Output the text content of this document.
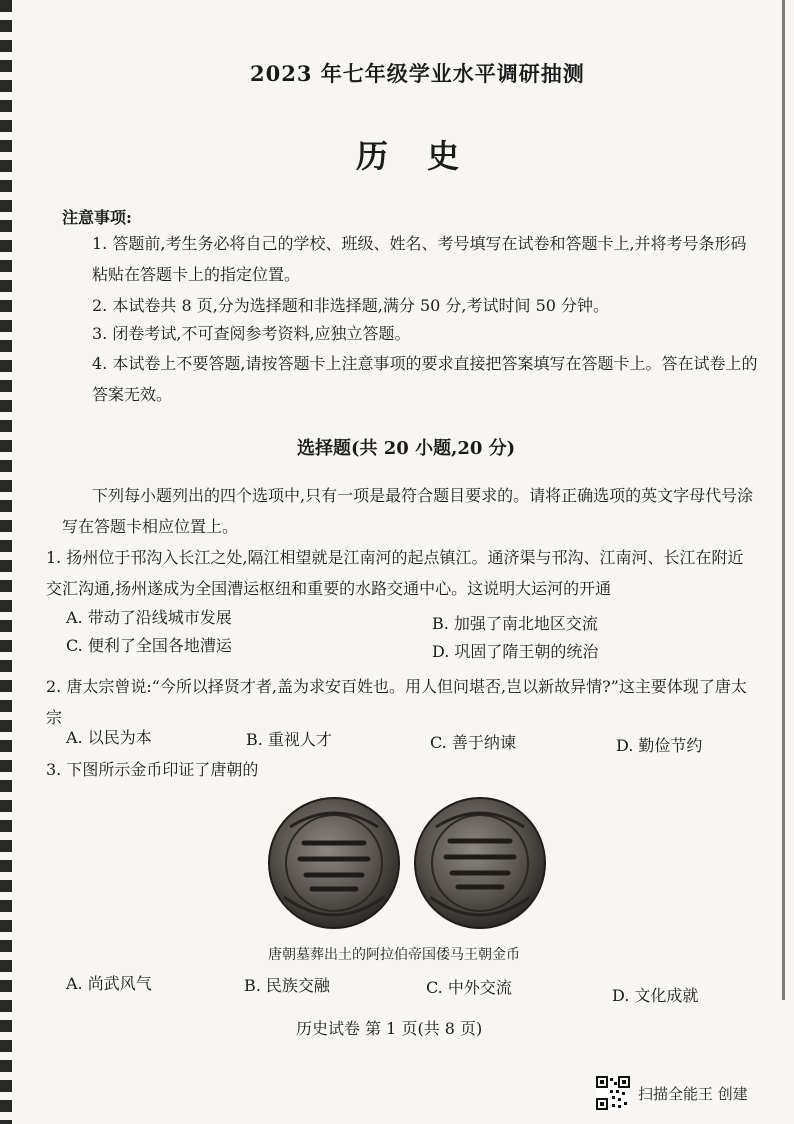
2023 年七年级学业水平调研抽测
历 史
注意事项:
1. 答题前,考生务必将自己的学校、班级、姓名、考号填写在试卷和答题卡上,并将考号条形码粘贴在答题卡上的指定位置。
2. 本试卷共 8 页,分为选择题和非选择题,满分 50 分,考试时间 50 分钟。
3. 闭卷考试,不可查阅参考资料,应独立答题。
4. 本试卷上不要答题,请按答题卡上注意事项的要求直接把答案填写在答题卡上。答在试卷上的答案无效。
选择题(共 20 小题,20 分)
下列每小题列出的四个选项中,只有一项是最符合题目要求的。请将正确选项的英文字母代号涂写在答题卡相应位置上。
1. 扬州位于邗沟入长江之处,隔江相望就是江南河的起点镇江。通济渠与邗沟、江南河、长江在附近交汇沟通,扬州遂成为全国漕运枢纽和重要的水路交通中心。这说明大运河的开通
A. 带动了沿线城市发展	B. 加强了南北地区交流
C. 便利了全国各地漕运	D. 巩固了隋王朝的统治
2. 唐太宗曾说:“今所以择贤才者,盖为求安百姓也。用人但问堪否,岂以新故异情?”这主要体现了唐太宗
A. 以民为本	B. 重视人才	C. 善于纳谏	D. 勤俭节约
3. 下图所示金币印证了唐朝的
唐朝墓葬出土的阿拉伯帝国倭马王朝金币
A. 尚武风气	B. 民族交融	C. 中外交流	D. 文化成就
历史试卷 第 1 页(共 8 页)
扫描全能王 创建
